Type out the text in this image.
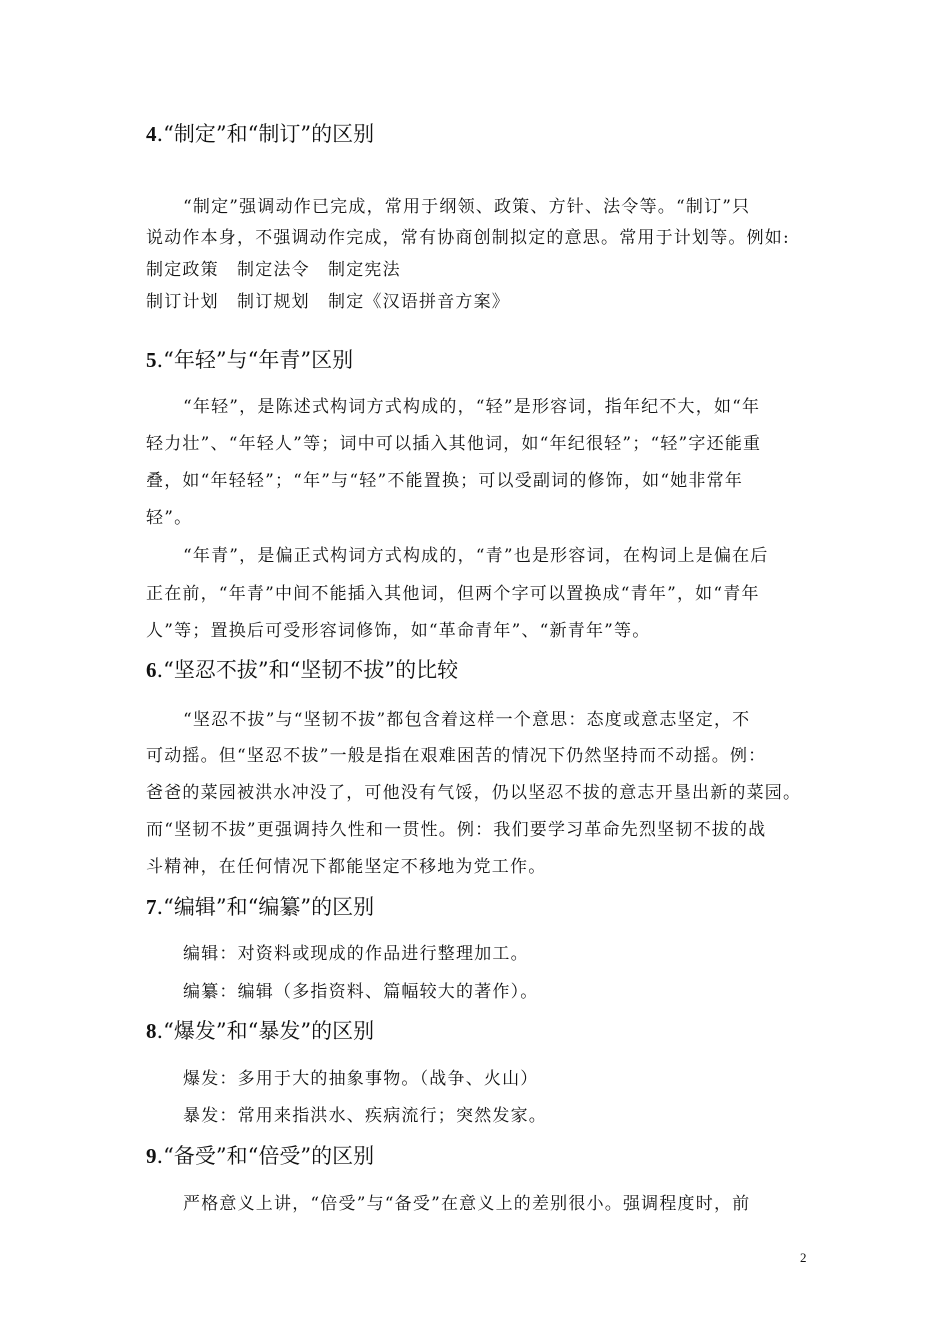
4.“制定”和“制订”的区别
“制定”强调动作已完成，常用于纲领、政策、方针、法令等。“制订”只
说动作本身，不强调动作完成，常有协商创制拟定的意思。常用于计划等。例如:
制定政策　制定法令　制定宪法
制订计划　制订规划　制定《汉语拼音方案》
5.“年轻”与“年青”区别
“年轻”，是陈述式构词方式构成的，“轻”是形容词，指年纪不大，如“年
轻力壮”、“年轻人”等；词中可以插入其他词，如“年纪很轻”；“轻”字还能重
叠，如“年轻轻”；“年”与“轻”不能置换；可以受副词的修饰，如“她非常年
轻”。
“年青”，是偏正式构词方式构成的，“青”也是形容词，在构词上是偏在后
正在前，“年青”中间不能插入其他词，但两个字可以置换成“青年”，如“青年
人”等；置换后可受形容词修饰，如“革命青年”、“新青年”等。
6.“坚忍不拔”和“坚韧不拔”的比较
“坚忍不拔”与“坚韧不拔”都包含着这样一个意思：态度或意志坚定，不
可动摇。但“坚忍不拔”一般是指在艰难困苦的情况下仍然坚持而不动摇。例：
爸爸的菜园被洪水冲没了，可他没有气馁，仍以坚忍不拔的意志开垦出新的菜园。
而“坚韧不拔”更强调持久性和一贯性。例：我们要学习革命先烈坚韧不拔的战
斗精神，在任何情况下都能坚定不移地为党工作。
7.“编辑”和“编纂”的区别
编辑：对资料或现成的作品进行整理加工。
编纂：编辑（多指资料、篇幅较大的著作）。
8.“爆发”和“暴发”的区别
爆发：多用于大的抽象事物。（战争、火山）
暴发：常用来指洪水、疾病流行；突然发家。
9.“备受”和“倍受”的区别
严格意义上讲，“倍受”与“备受”在意义上的差别很小。强调程度时，前
2
